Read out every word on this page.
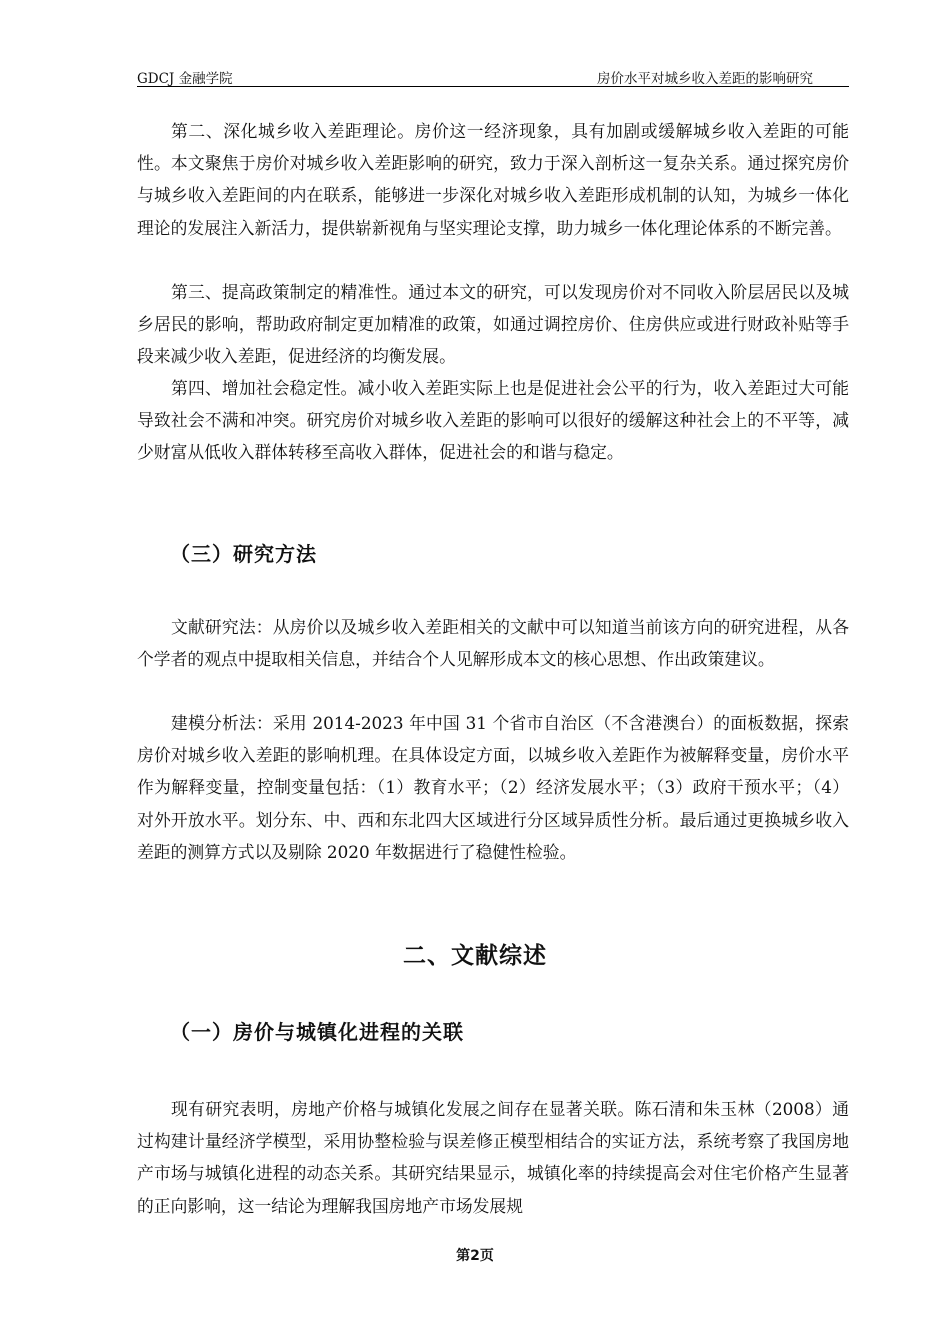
GDCJ 金融学院	房价水平对城乡收入差距的影响研究

第二、深化城乡收入差距理论。房价这一经济现象，具有加剧或缓解城乡收入差距的可能性。本文聚焦于房价对城乡收入差距影响的研究，致力于深入剖析这一复杂关系。通过探究房价与城乡收入差距间的内在联系，能够进一步深化对城乡收入差距形成机制的认知，为城乡一体化理论的发展注入新活力，提供崭新视角与坚实理论支撑，助力城乡一体化理论体系的不断完善。

第三、提高政策制定的精准性。通过本文的研究，可以发现房价对不同收入阶层居民以及城乡居民的影响，帮助政府制定更加精准的政策，如通过调控房价、住房供应或进行财政补贴等手段来减少收入差距，促进经济的均衡发展。

第四、增加社会稳定性。减小收入差距实际上也是促进社会公平的行为，收入差距过大可能导致社会不满和冲突。研究房价对城乡收入差距的影响可以很好的缓解这种社会上的不平等，减少财富从低收入群体转移至高收入群体，促进社会的和谐与稳定。

（三）研究方法

文献研究法：从房价以及城乡收入差距相关的文献中可以知道当前该方向的研究进程，从各个学者的观点中提取相关信息，并结合个人见解形成本文的核心思想、作出政策建议。

建模分析法：采用 2014-2023 年中国 31 个省市自治区（不含港澳台）的面板数据，探索房价对城乡收入差距的影响机理。在具体设定方面，以城乡收入差距作为被解释变量，房价水平作为解释变量，控制变量包括：（1）教育水平；（2）经济发展水平；（3）政府干预水平；（4）对外开放水平。划分东、中、西和东北四大区域进行分区域异质性分析。最后通过更换城乡收入差距的测算方式以及剔除 2020 年数据进行了稳健性检验。

二、文献综述
（一）房价与城镇化进程的关联

现有研究表明，房地产价格与城镇化发展之间存在显著关联。陈石清和朱玉林（2008）通过构建计量经济学模型，采用协整检验与误差修正模型相结合的实证方法，系统考察了我国房地产市场与城镇化进程的动态关系。其研究结果显示，城镇化率的持续提高会对住宅价格产生显著的正向影响，这一结论为理解我国房地产市场发展规

第2页
